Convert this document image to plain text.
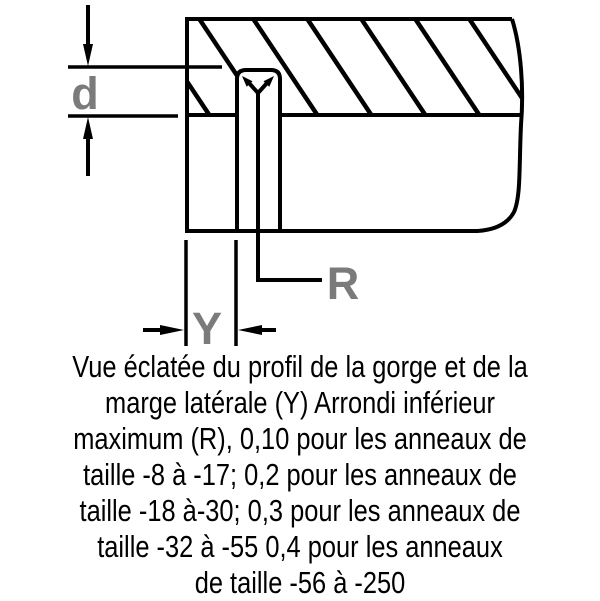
d
Y
R
Vue éclatée du profil de la gorge et de la
marge latérale (Y) Arrondi inférieur
maximum (R), 0,10 pour les anneaux de
taille -8 à -17; 0,2 pour les anneaux de
taille -18 à-30; 0,3 pour les anneaux de
taille -32 à -55 0,4 pour les anneaux
de taille -56 à -250
